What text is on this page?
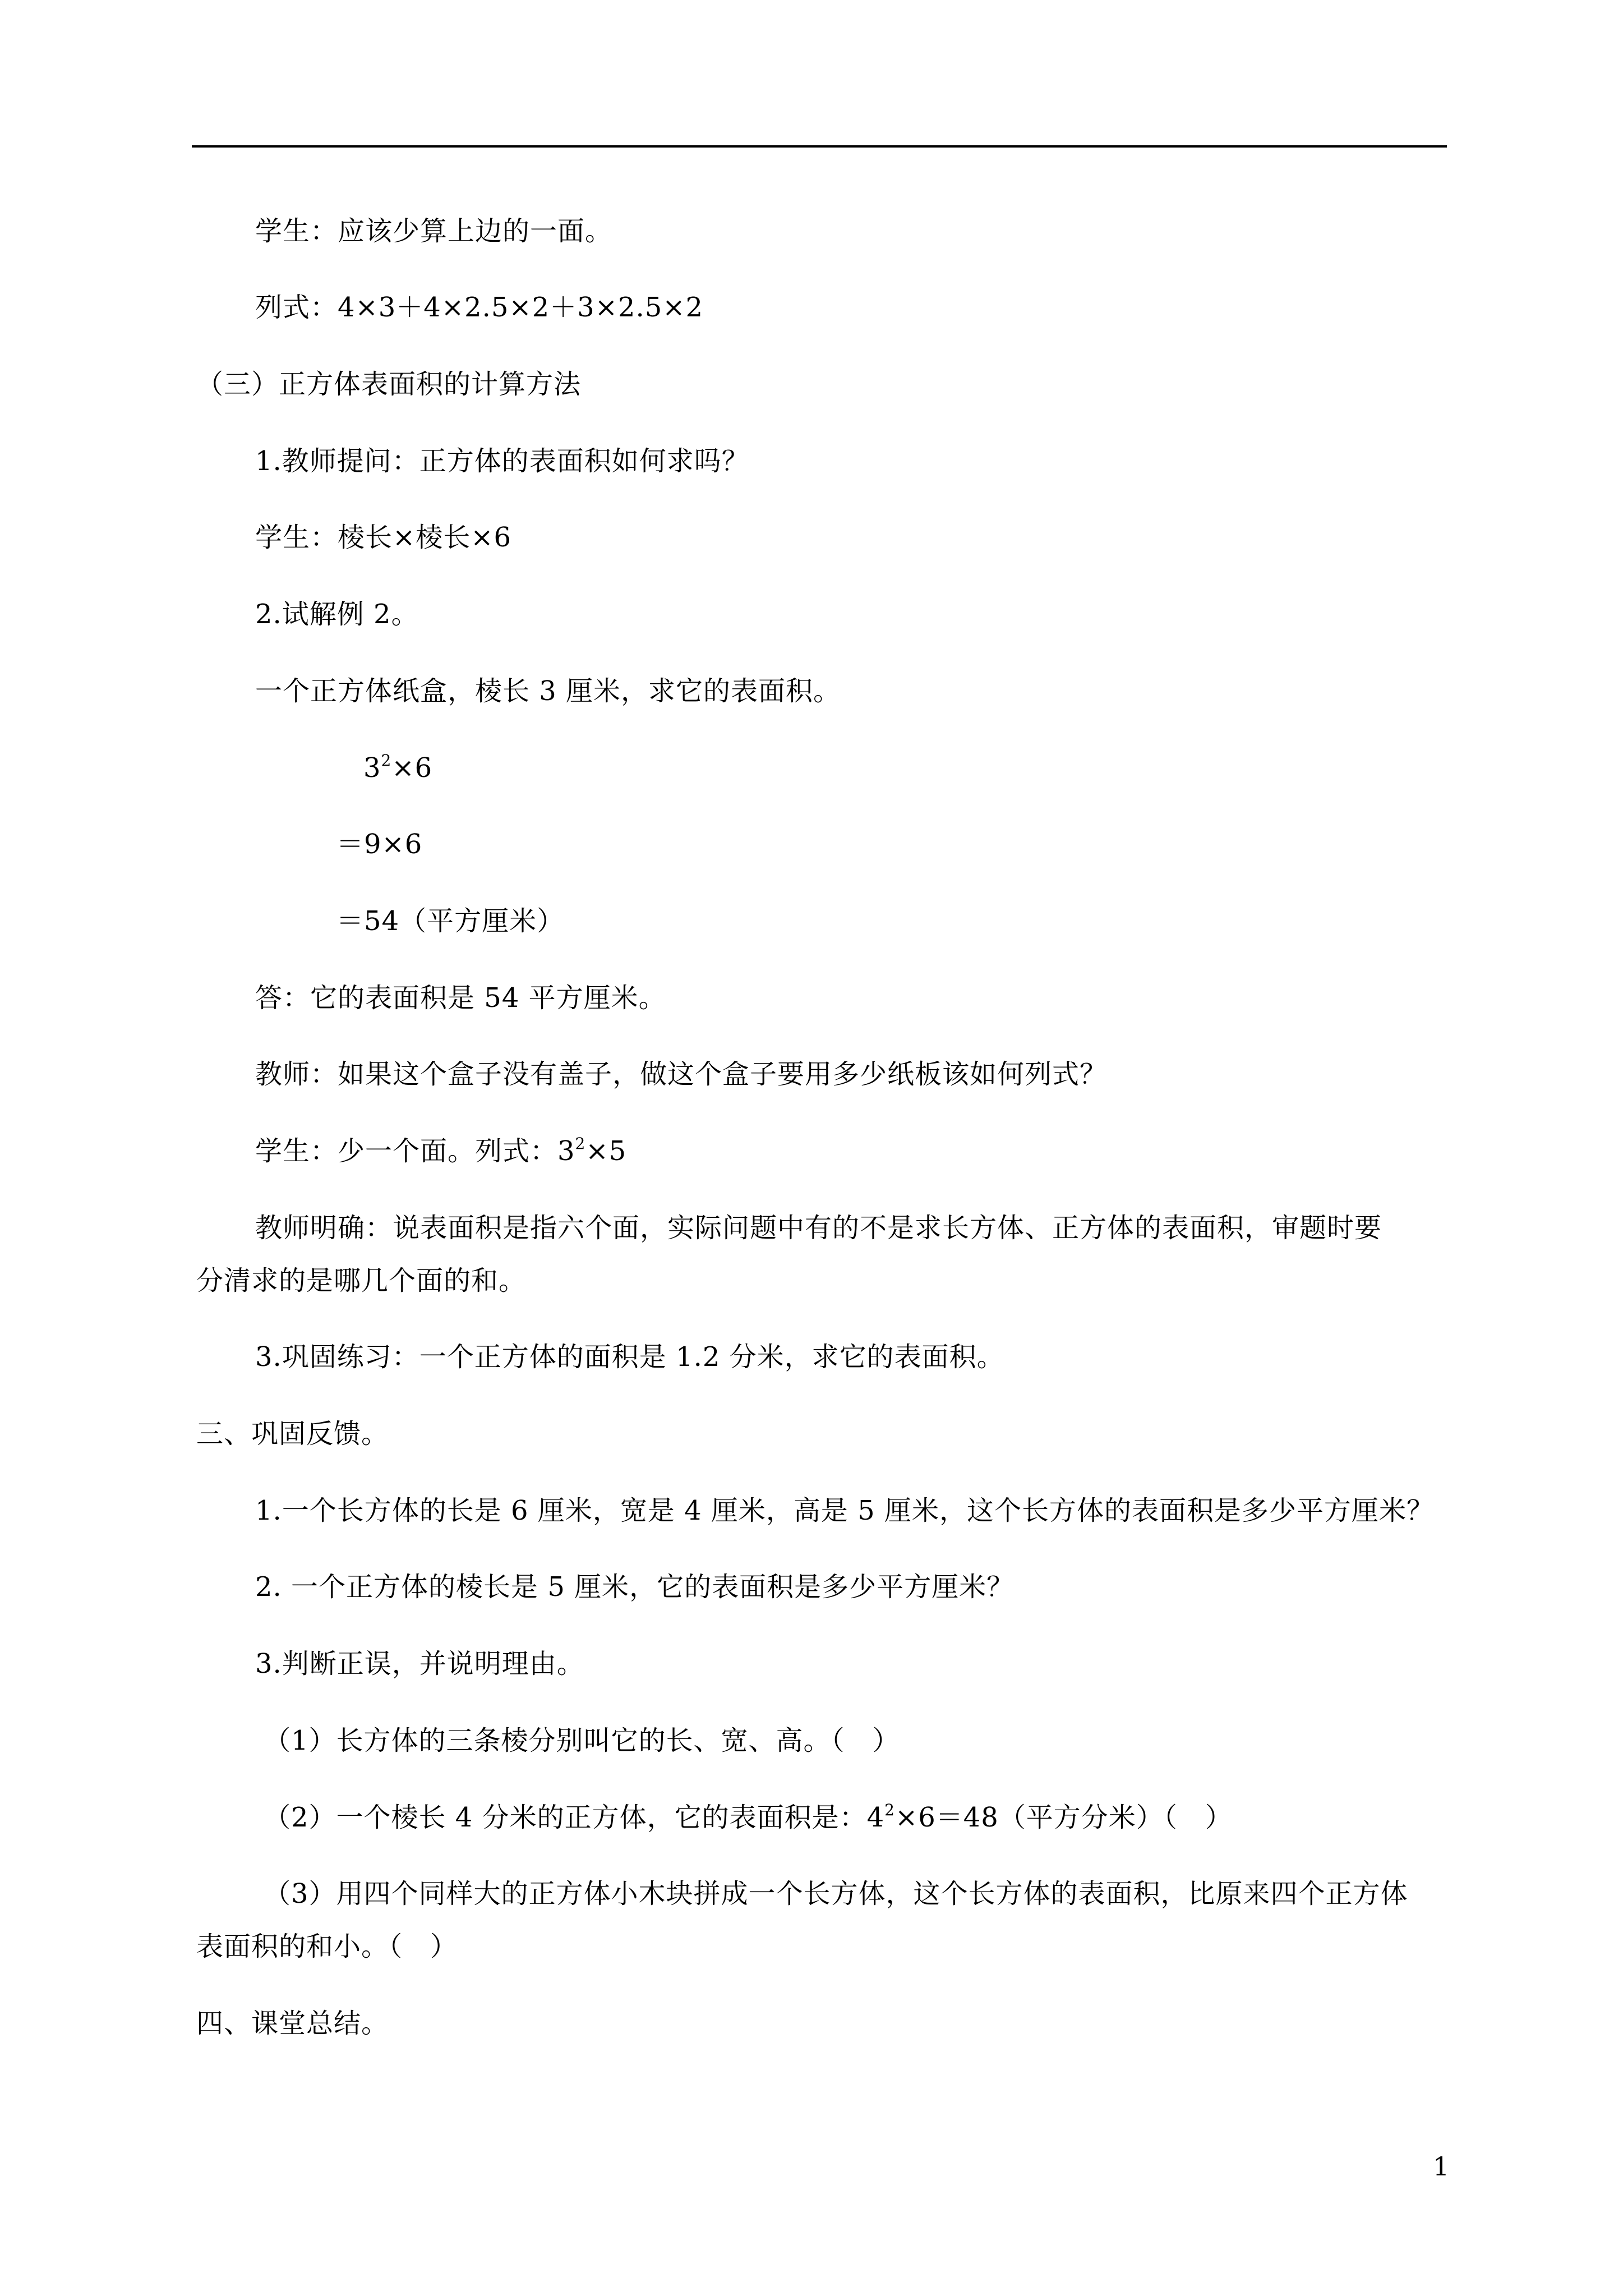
学生：应该少算上边的一面。
列式：4×3＋4×2.5×2＋3×2.5×2
（三）正方体表面积的计算方法
1.教师提问：正方体的表面积如何求吗？
学生：棱长×棱长×6
2.试解例 2。
一个正方体纸盒，棱长 3 厘米，求它的表面积。
$3^2\times 6$
＝9×6
＝54（平方厘米）
答：它的表面积是 54 平方厘米。
教师：如果这个盒子没有盖子，做这个盒子要用多少纸板该如何列式？
学生：少一个面。列式：$3^2\times 5$
教师明确：说表面积是指六个面，实际问题中有的不是求长方体、正方体的表面积，审题时要
分清求的是哪几个面的和。
3.巩固练习：一个正方体的面积是 1.2 分米，求它的表面积。
三、巩固反馈。
1.一个长方体的长是 6 厘米，宽是 4 厘米，高是 5 厘米，这个长方体的表面积是多少平方厘米？
2. 一个正方体的棱长是 5 厘米，它的表面积是多少平方厘米？
3.判断正误，并说明理由。
（1）长方体的三条棱分别叫它的长、宽、高。（　）
（2）一个棱长 4 分米的正方体，它的表面积是：$4^2\times 6=48$（平方分米）（　）
（3）用四个同样大的正方体小木块拼成一个长方体，这个长方体的表面积，比原来四个正方体
表面积的和小。（　）
四、课堂总结。
1
